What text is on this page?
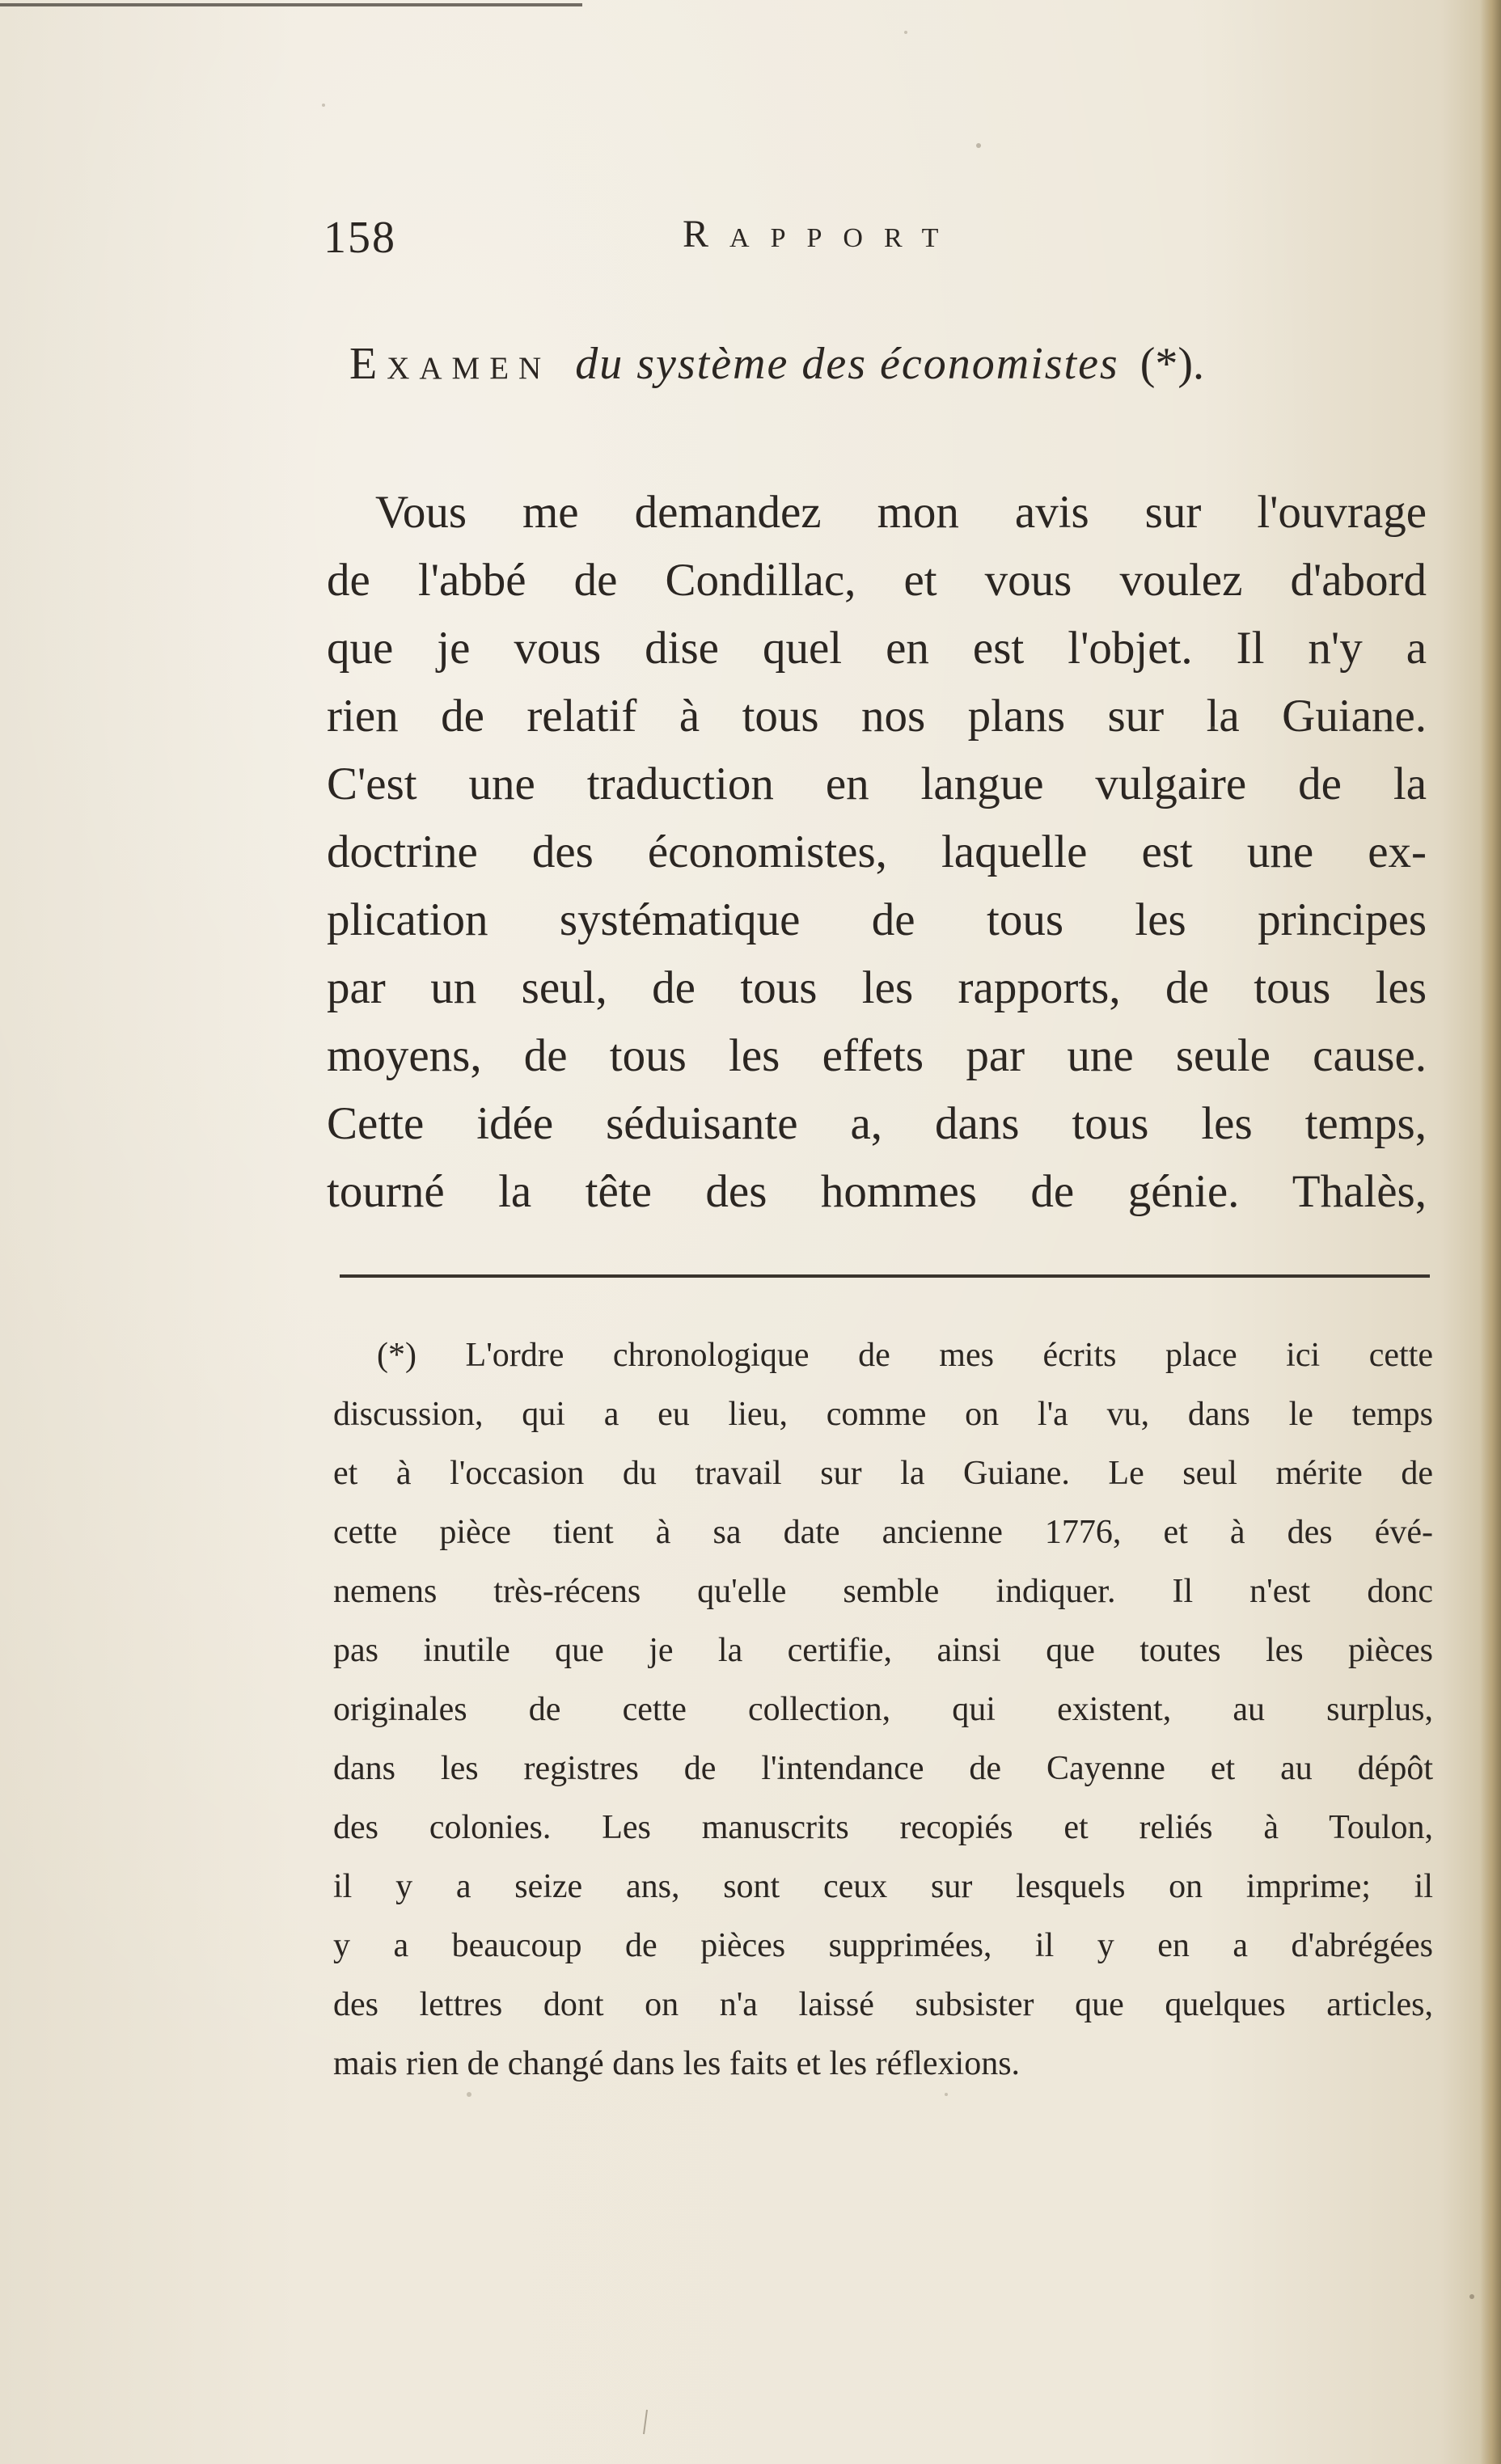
158	Rapport
Examen du système des économistes (*).
Vous me demandez mon avis sur l'ouvrage
de l'abbé de Condillac, et vous voulez d'abord
que je vous dise quel en est l'objet. Il n'y a
rien de relatif à tous nos plans sur la Guiane.
C'est une traduction en langue vulgaire de la
doctrine des économistes, laquelle est une ex-
plication systématique de tous les principes
par un seul, de tous les rapports, de tous les
moyens, de tous les effets par une seule cause.
Cette idée séduisante a, dans tous les temps,
tourné la tête des hommes de génie. Thalès,
(*) L'ordre chronologique de mes écrits place ici cette
discussion, qui a eu lieu, comme on l'a vu, dans le temps
et à l'occasion du travail sur la Guiane. Le seul mérite de
cette pièce tient à sa date ancienne 1776, et à des évé-
nemens très-récens qu'elle semble indiquer. Il n'est donc
pas inutile que je la certifie, ainsi que toutes les pièces
originales de cette collection, qui existent, au surplus,
dans les registres de l'intendance de Cayenne et au dépôt
des colonies. Les manuscrits recopiés et reliés à Toulon,
il y a seize ans, sont ceux sur lesquels on imprime; il
y a beaucoup de pièces supprimées, il y en a d'abrégées
des lettres dont on n'a laissé subsister que quelques articles,
mais rien de changé dans les faits et les réflexions.
